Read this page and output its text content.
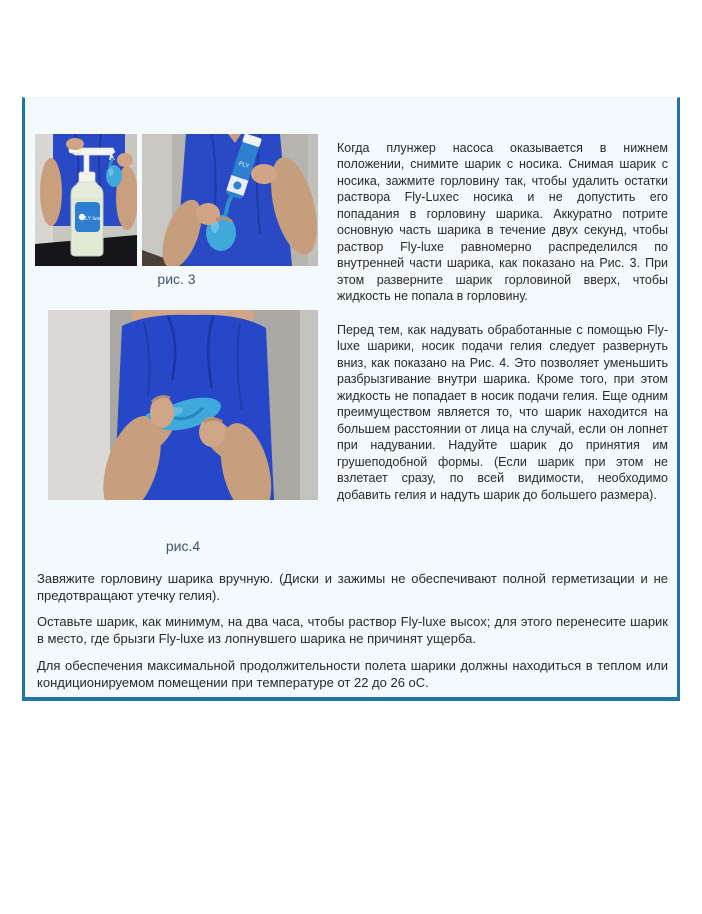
FLY luxe
FLY
рис. 3

Когда плунжер насоса оказывается в нижнем положении, снимите шарик с носика. Снимая шарик с носика, зажмите горловину так, чтобы удалить остатки раствора Fly-Luxeс носика и не допустить его попадания в горловину шарика. Аккуратно потрите основную часть шарика в течение двух секунд, чтобы раствор Fly-luxe равномерно распределился по внутренней части шарика, как показано на Рис. 3. При этом разверните шарик горловиной вверх, чтобы жидкость не попала в горловину.

рис.4

Перед тем, как надувать обработанные с помощью Fly-luxe шарики, носик подачи гелия следует развернуть вниз, как показано на Рис. 4. Это позволяет уменьшить разбрызгивание внутри шарика. Кроме того, при этом жидкость не попадает в носик подачи гелия. Еще одним преимуществом является то, что шарик находится на большем расстоянии от лица на случай, если он лопнет при надувании. Надуйте шарик до принятия им грушеподобной формы. (Если шарик при этом не взлетает сразу, по всей видимости, необходимо добавить гелия и надуть шарик до большего размера).

Завяжите горловину шарика вручную. (Диски и зажимы не обеспечивают полной герметизации и не предотвращают утечку гелия).

Оставьте шарик, как минимум, на два часа, чтобы раствор Fly-luxe высох; для этого перенесите шарик в место, где брызги Fly-luxe из лопнувшего шарика не причинят ущерба.

Для обеспечения максимальной продолжительности полета шарики должны находиться в теплом или кондиционируемом помещении при температуре от 22 до 26 оС.
